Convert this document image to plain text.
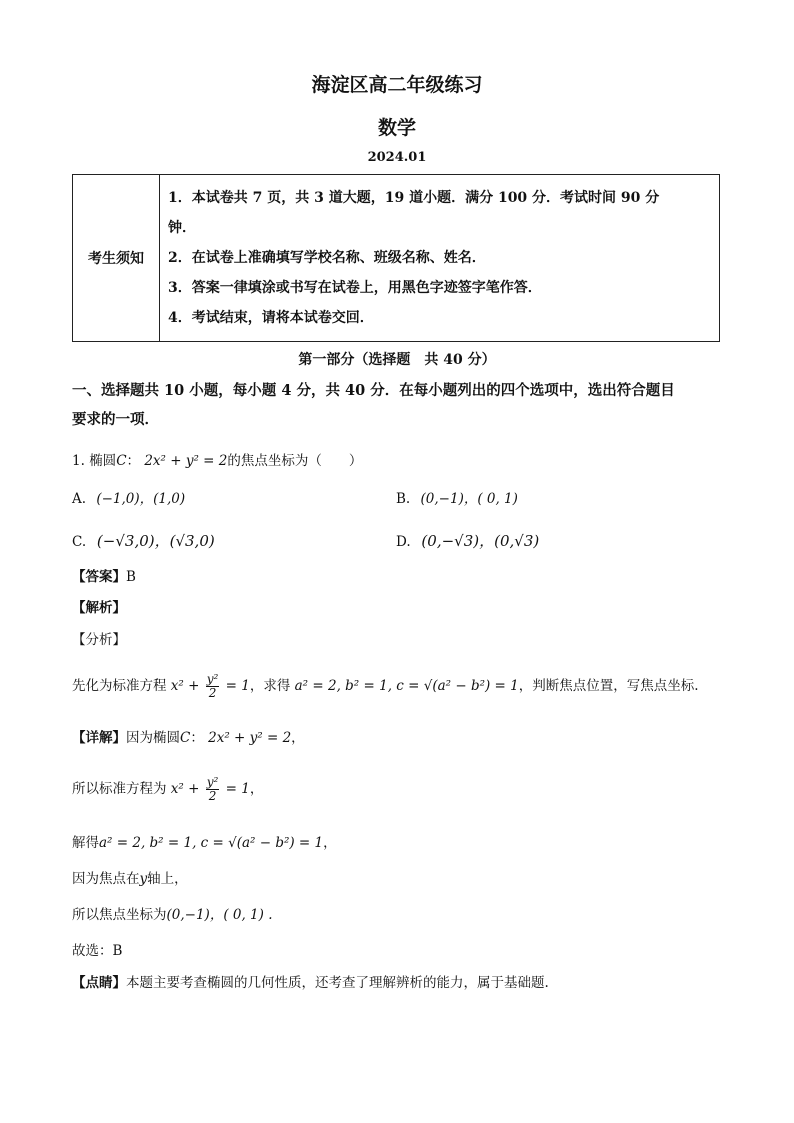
海淀区高二年级练习
数学
2024.01
考生须知
1．本试卷共 7 页，共 3 道大题，19 道小题．满分 100 分．考试时间 90 分
钟．
2．在试卷上准确填写学校名称、班级名称、姓名．
3．答案一律填涂或书写在试卷上，用黑色字迹签字笔作答．
4．考试结束，请将本试卷交回．
第一部分（选择题　共 40 分）
一、选择题共 10 小题，每小题 4 分，共 40 分．在每小题列出的四个选项中，选出符合题目
要求的一项．
1. 椭圆C： 2x² + y² = 2的焦点坐标为（　　）
A. (−1,0)，(1,0)	B. (0,−1)，( 0, 1)
C. (−√3,0)，(√3,0)	D. (0,−√3)，(0,√3)
【答案】B
【解析】
【分析】
先化为标准方程 $x^2 + \frac{\text{y²}}{2} = 1$，求得 a² = 2, b² = 1, c = √(a² − b²) = 1，判断焦点位置，写焦点坐标.
【详解】因为椭圆C： 2x² + y² = 2，
所以标准方程为 $x^2 + \frac{\text{y²}}{2} = 1$，
解得a² = 2, b² = 1, c = √(a² − b²) = 1，
因为焦点在y轴上，
所以焦点坐标为(0,−1)，( 0, 1) .
故选：B
【点睛】本题主要考查椭圆的几何性质，还考查了理解辨析的能力，属于基础题.
